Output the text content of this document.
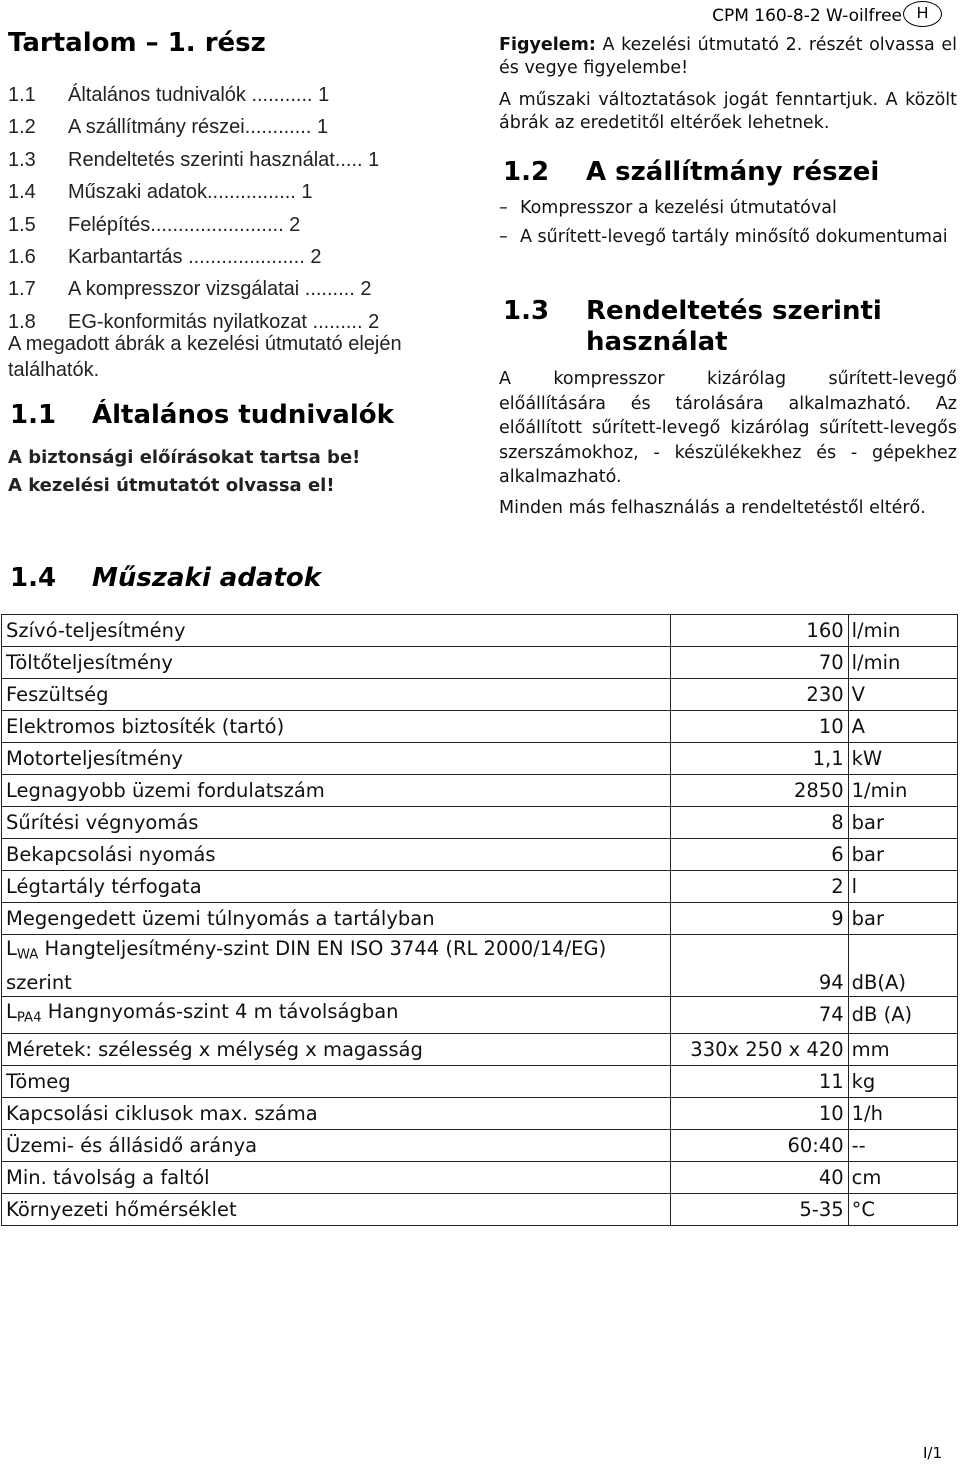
CPM 160-8-2 W-oilfree H
Tartalom – 1. rész
1.1 Általános tudnivalók ........... 1
1.2 A szállítmány részei............ 1
1.3 Rendeltetés szerinti használat..... 1
1.4 Műszaki adatok................ 1
1.5 Felépítés........................ 2
1.6 Karbantartás ..................... 2
1.7 A kompresszor vizsgálatai ......... 2
1.8 EG-konformitás nyilatkozat ......... 2
A megadott ábrák a kezelési útmutató elején találhatók.
1.1 Általános tudnivalók
A biztonsági előírásokat tartsa be!
A kezelési útmutatót olvassa el!
Figyelem: A kezelési útmutató 2. részét olvassa el és vegye figyelembe!
A műszaki változtatások jogát fenntartjuk. A közölt ábrák az eredetitől eltérőek lehetnek.
1.2 A szállítmány részei
– Kompresszor a kezelési útmutatóval
– A sűrített-levegő tartály minősítő dokumentumai
1.3 Rendeltetés szerinti használat
A kompresszor kizárólag sűrített-levegő előállítására és tárolására alkalmazható. Az előállított sűrített-levegő kizárólag sűrített-levegős szerszámokhoz, - készülékekhez és - gépekhez alkalmazható.
Minden más felhasználás a rendeltetéstől eltérő.
1.4 Műszaki adatok
Szívó-teljesítmény	160	l/min
Töltőteljesítmény	70	l/min
Feszültség	230	V
Elektromos biztosíték (tartó)	10	A
Motorteljesítmény	1,1	kW
Legnagyobb üzemi fordulatszám	2850	1/min
Sűrítési végnyomás	8	bar
Bekapcsolási nyomás	6	bar
Légtartály térfogata	2	l
Megengedett üzemi túlnyomás a tartályban	9	bar
$L_{WA}$ Hangteljesítmény-szint DIN EN ISO 3744 (RL 2000/14/EG) szerint	94	dB(A)
$L_{PA4}$ Hangnyomás-szint 4 m távolságban	74	dB (A)
Méretek: szélesség x mélység x magasság	330x 250 x 420	mm
Tömeg	11	kg
Kapcsolási ciklusok max. száma	10	1/h
Üzemi- és állásidő aránya	60:40	--
Min. távolság a faltól	40	cm
Környezeti hőmérséklet	5-35	°C
I/1
